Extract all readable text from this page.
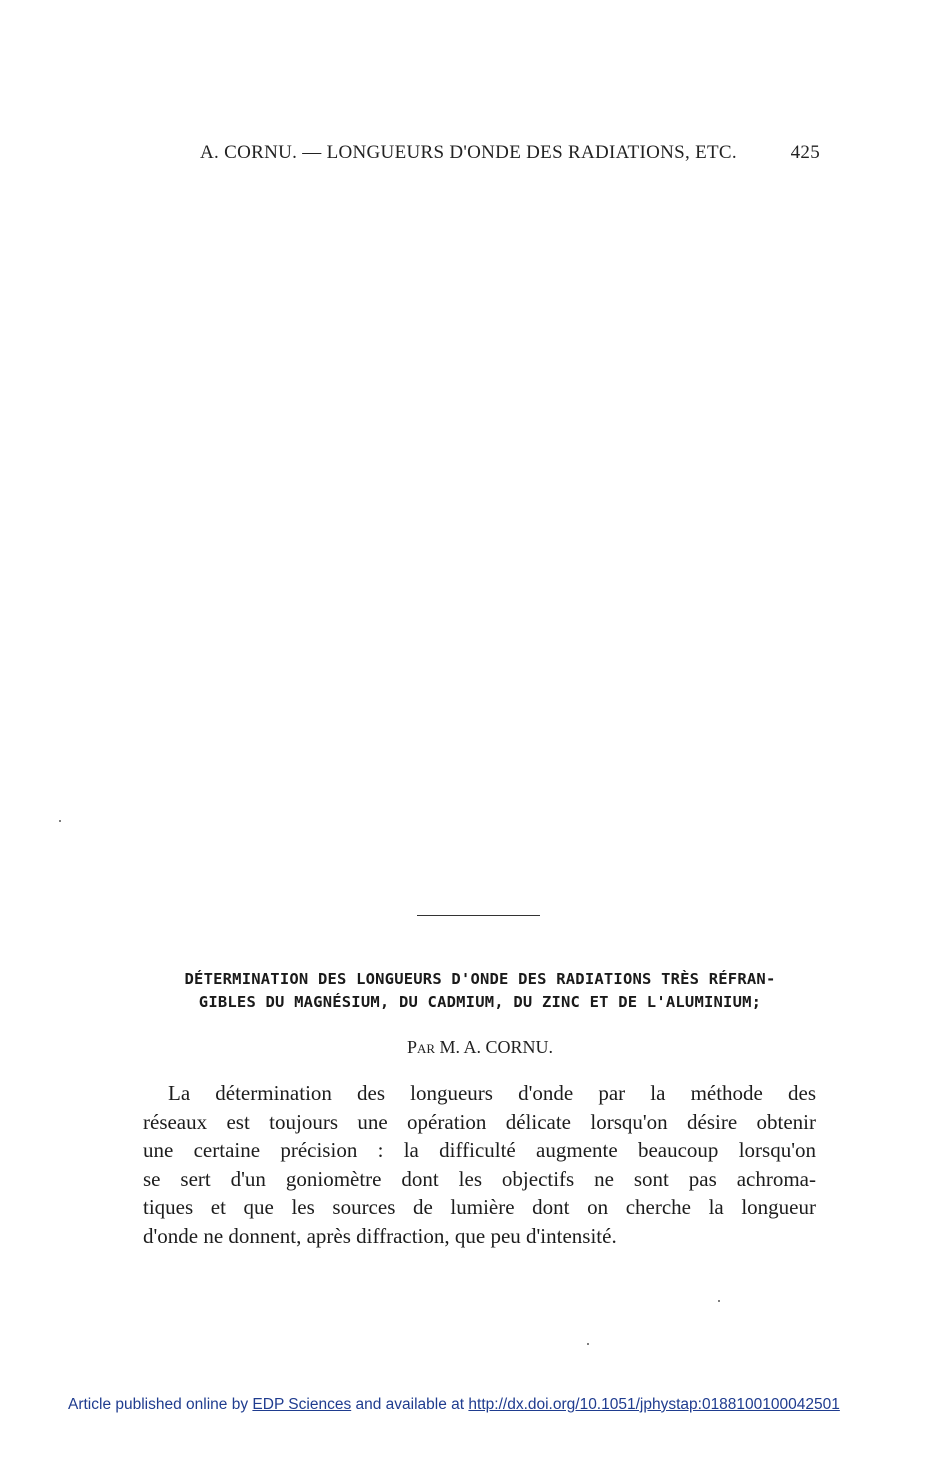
A. CORNU. — LONGUEURS D'ONDE DES RADIATIONS, ETC.	425
DÉTERMINATION DES LONGUEURS D'ONDE DES RADIATIONS TRÈS RÉFRAN-
GIBLES DU MAGNÉSIUM, DU CADMIUM, DU ZINC ET DE L'ALUMINIUM;
Par M. A. CORNU.
La détermination des longueurs d'onde par la méthode des
réseaux est toujours une opération délicate lorsqu'on désire obtenir
une certaine précision : la difficulté augmente beaucoup lorsqu'on
se sert d'un goniomètre dont les objectifs ne sont pas achroma-
tiques et que les sources de lumière dont on cherche la longueur
d'onde ne donnent, après diffraction, que peu d'intensité.
Article published online by EDP Sciences and available at http://dx.doi.org/10.1051/jphystap:0188100100042501
